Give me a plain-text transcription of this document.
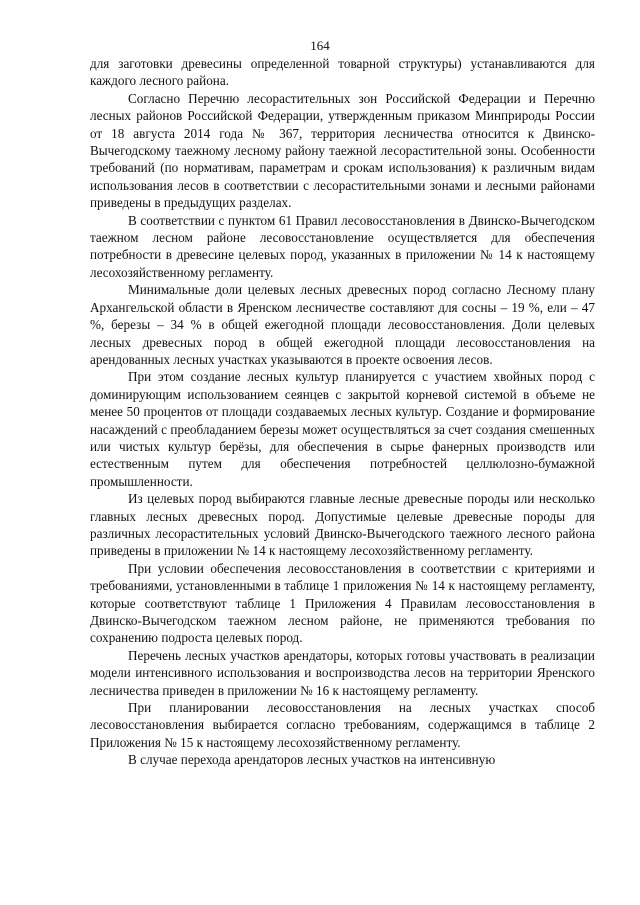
164

для заготовки древесины определенной товарной структуры) устанавливаются для каждого лесного района.

Согласно Перечню лесорастительных зон Российской Федерации и Перечню лесных районов Российской Федерации, утвержденным приказом Минприроды России от 18 августа 2014 года № 367, территория лесничества относится к Двинско-Вычегодскому таежному лесному району таежной лесорастительной зоны. Особенности требований (по нормативам, параметрам и срокам использования) к различным видам использования лесов в соответствии с лесорастительными зонами и лесными районами приведены в предыдущих разделах.

В соответствии с пунктом 61 Правил лесовосстановления в Двинско-Вычегодском таежном лесном районе лесовосстановление осуществляется для обеспечения потребности в древесине целевых пород, указанных в приложении № 14 к настоящему лесохозяйственному регламенту.

Минимальные доли целевых лесных древесных пород согласно Лесному плану Архангельской области в Яренском лесничестве составляют для сосны – 19 %, ели – 47 %, березы – 34 % в общей ежегодной площади лесовосстановления. Доли целевых лесных древесных пород в общей ежегодной площади лесовосстановления на арендованных лесных участках указываются в проекте освоения лесов.

При этом создание лесных культур планируется с участием хвойных пород с доминирующим использованием сеянцев с закрытой корневой системой в объеме не менее 50 процентов от площади создаваемых лесных культур. Создание и формирование насаждений с преобладанием березы может осуществляться за счет создания смешенных или чистых культур берёзы, для обеспечения в сырье фанерных производств или естественным путем для обеспечения потребностей целлюлозно-бумажной промышленности.

Из целевых пород выбираются главные лесные древесные породы или несколько главных лесных древесных пород. Допустимые целевые древесные породы для различных лесорастительных условий Двинско-Вычегодского таежного лесного района приведены в приложении № 14 к настоящему лесохозяйственному регламенту.

При условии обеспечения лесовосстановления в соответствии с критериями и требованиями, установленными в таблице 1 приложения № 14 к настоящему регламенту, которые соответствуют таблице 1 Приложения 4 Правилам лесовосстановления в Двинско-Вычегодском таежном лесном районе, не применяются требования по сохранению подроста целевых пород.

Перечень лесных участков арендаторы, которых готовы участвовать в реализации модели интенсивного использования и воспроизводства лесов на территории Яренского лесничества приведен в приложении № 16 к настоящему регламенту.

При планировании лесовосстановления на лесных участках способ лесовосстановления выбирается согласно требованиям, содержащимся в таблице 2 Приложения № 15 к настоящему лесохозяйственному регламенту.

В случае перехода арендаторов лесных участков на интенсивную
